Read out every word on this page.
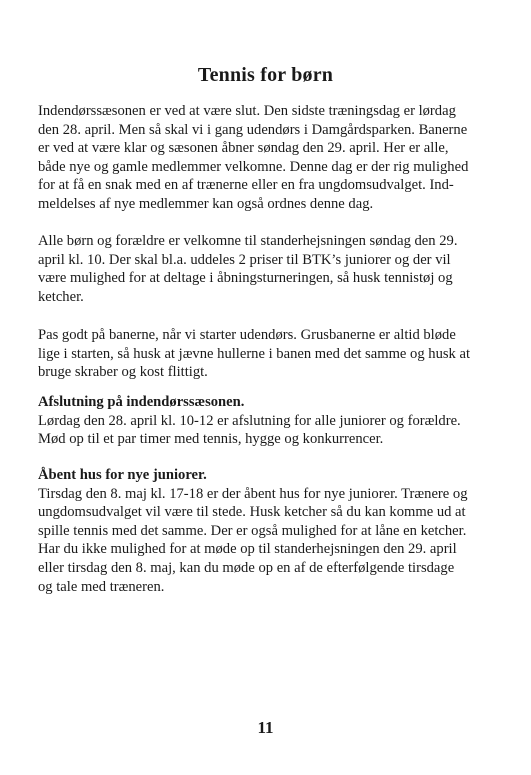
Tennis for børn

Indendørssæsonen er ved at være slut. Den sidste træningsdag er lørdag

den 28. april. Men så skal vi i gang udendørs i Damgårdsparken. Banerne

er ved at være klar og sæsonen åbner søndag den 29. april. Her er alle,

både nye og gamle medlemmer velkomne. Denne dag er der rig mulighed

for at få en snak med en af trænerne eller en fra ungdomsudvalget. Ind-

meldelses af nye medlemmer kan også ordnes denne dag.

Alle børn og forældre er velkomne til standerhejsningen søndag den 29.

april kl. 10. Der skal bl.a. uddeles 2 priser til BTK’s juniorer og der vil

være mulighed for at deltage i åbningsturneringen, så husk tennistøj og

ketcher.

Pas godt på banerne, når vi starter udendørs. Grusbanerne er altid bløde

lige i starten, så husk at jævne hullerne i banen med det samme og husk at

bruge skraber og kost flittigt.

Afslutning på indendørssæsonen.

Lørdag den 28. april kl. 10-12 er afslutning for alle juniorer og forældre.

Mød op til et par timer med tennis, hygge og konkurrencer.

Åbent hus for nye juniorer.

Tirsdag den 8. maj kl. 17-18 er der åbent hus for nye juniorer. Trænere og

ungdomsudvalget vil være til stede. Husk ketcher så du kan komme ud at

spille tennis med det samme. Der er også mulighed for at låne en ketcher.

Har du ikke mulighed for at møde op til standerhejsningen den 29. april

eller tirsdag den 8. maj, kan du møde op en af de efterfølgende tirsdage

og tale med træneren.

11
